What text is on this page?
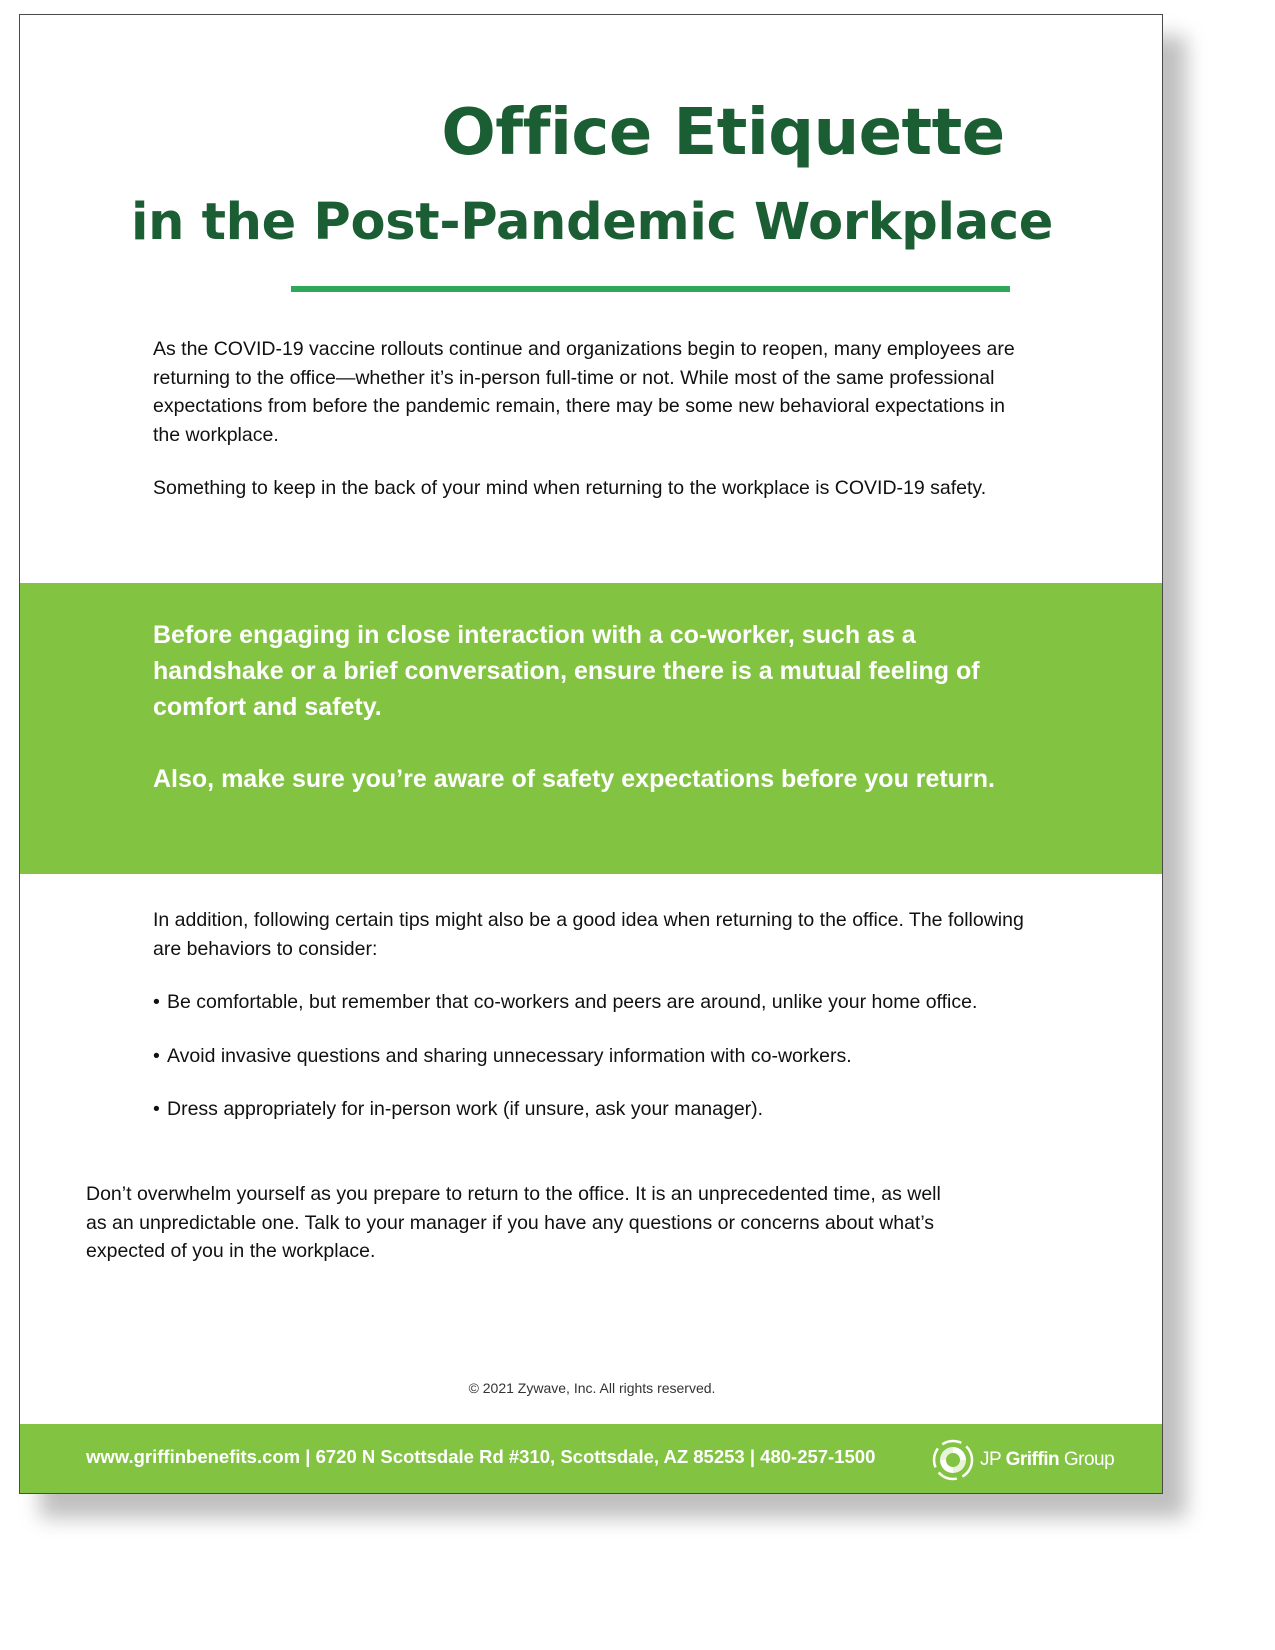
Office Etiquette
in the Post-Pandemic Workplace

As the COVID-19 vaccine rollouts continue and organizations begin to reopen, many employees are returning to the office—whether it’s in-person full-time or not. While most of the same professional expectations from before the pandemic remain, there may be some new behavioral expectations in the workplace.

Something to keep in the back of your mind when returning to the workplace is COVID-19 safety.

Before engaging in close interaction with a co-worker, such as a handshake or a brief conversation, ensure there is a mutual feeling of comfort and safety.

Also, make sure you’re aware of safety expectations before you return.

In addition, following certain tips might also be a good idea when returning to the office. The following are behaviors to consider:

• Be comfortable, but remember that co-workers and peers are around, unlike your home office.
• Avoid invasive questions and sharing unnecessary information with co-workers.
• Dress appropriately for in-person work (if unsure, ask your manager).

Don’t overwhelm yourself as you prepare to return to the office. It is an unprecedented time, as well as an unpredictable one. Talk to your manager if you have any questions or concerns about what’s expected of you in the workplace.

© 2021 Zywave, Inc. All rights reserved.

www.griffinbenefits.com | 6720 N Scottsdale Rd #310, Scottsdale, AZ 85253 | 480-257-1500	JP Griffin Group
